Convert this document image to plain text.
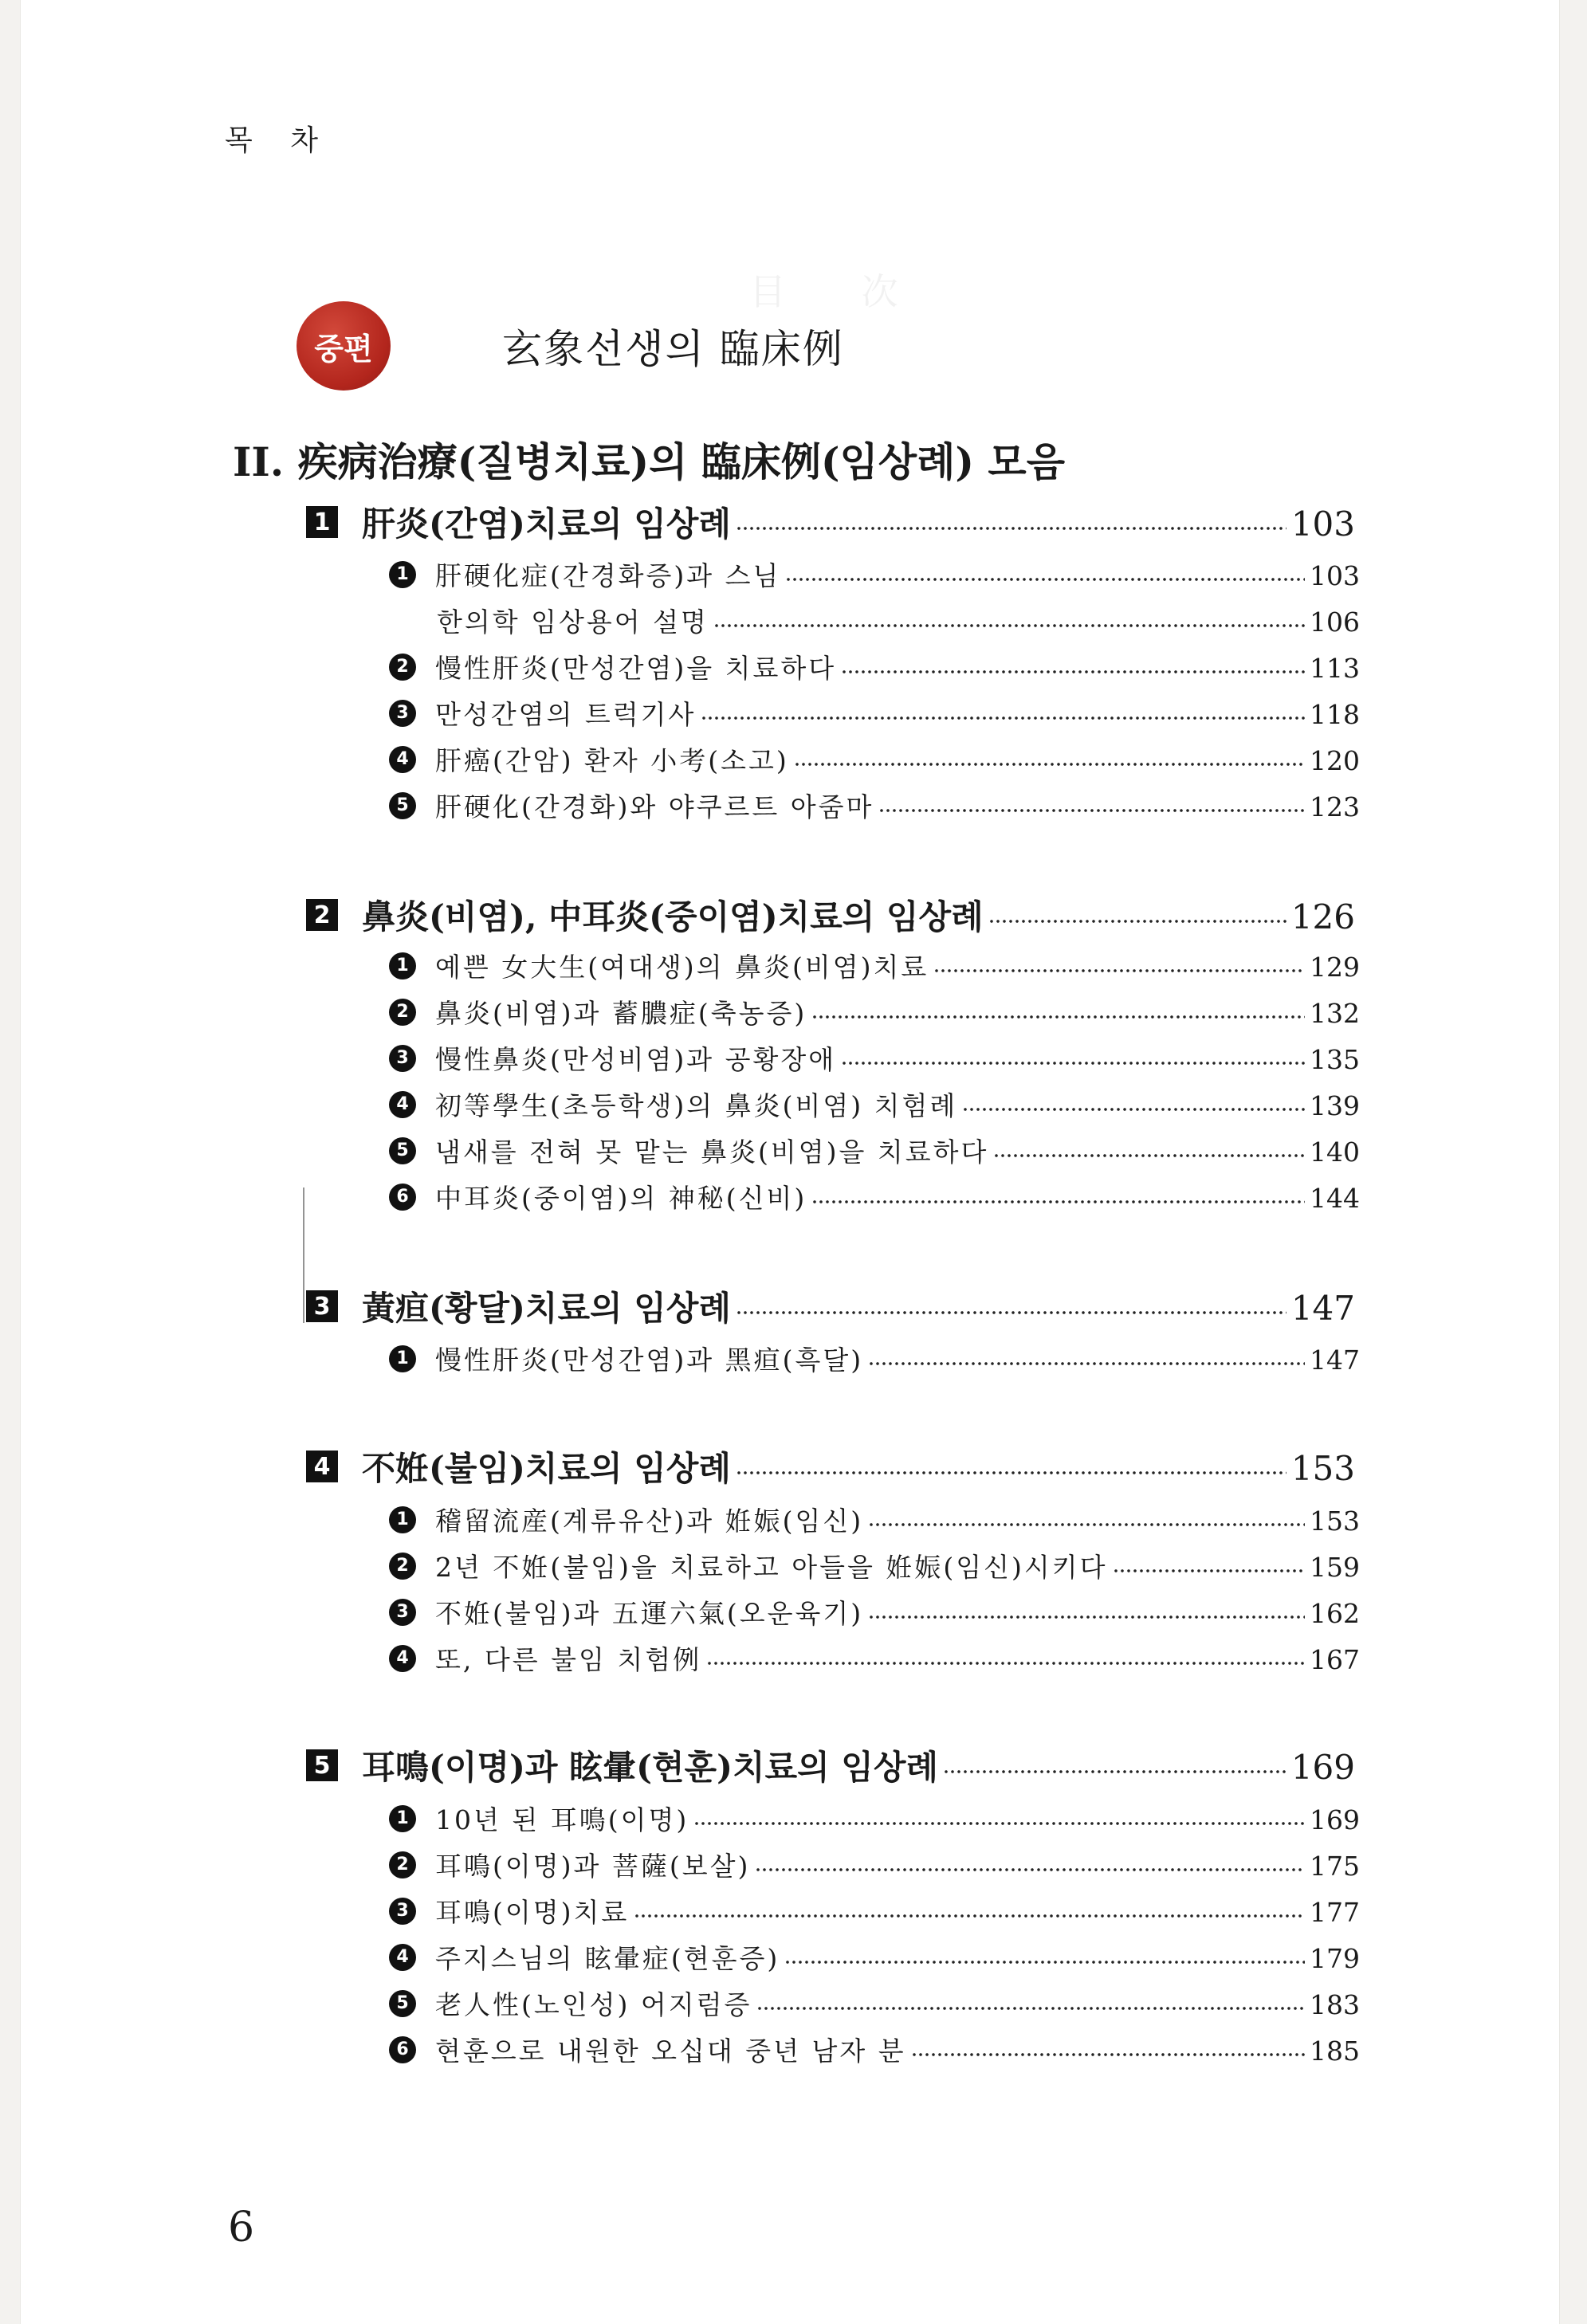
目 次
목 차
중편	玄象선생의 臨床例
II. 疾病治療(질병치료)의 臨床例(임상례) 모음
1 肝炎(간염)치료의 임상례	103
1 肝硬化症(간경화증)과 스님	103
한의학 임상용어 설명	106
2 慢性肝炎(만성간염)을 치료하다	113
3 만성간염의 트럭기사	118
4 肝癌(간암) 환자 小考(소고)	120
5 肝硬化(간경화)와 야쿠르트 아줌마	123
2 鼻炎(비염), 中耳炎(중이염)치료의 임상례	126
1 예쁜 女大生(여대생)의 鼻炎(비염)치료	129
2 鼻炎(비염)과 蓄膿症(축농증)	132
3 慢性鼻炎(만성비염)과 공황장애	135
4 初等學生(초등학생)의 鼻炎(비염) 치험례	139
5 냄새를 전혀 못 맡는 鼻炎(비염)을 치료하다	140
6 中耳炎(중이염)의 神秘(신비)	144
3 黃疸(황달)치료의 임상례	147
1 慢性肝炎(만성간염)과 黑疸(흑달)	147
4 不姙(불임)치료의 임상례	153
1 稽留流産(계류유산)과 姙娠(임신)	153
2 2년 不姙(불임)을 치료하고 아들을 姙娠(임신)시키다	159
3 不姙(불임)과 五運六氣(오운육기)	162
4 또, 다른 불임 치험例	167
5 耳鳴(이명)과 眩暈(현훈)치료의 임상례	169
1 10년 된 耳鳴(이명)	169
2 耳鳴(이명)과 菩薩(보살)	175
3 耳鳴(이명)치료	177
4 주지스님의 眩暈症(현훈증)	179
5 老人性(노인성) 어지럼증	183
6 현훈으로 내원한 오십대 중년 남자 분	185
6
